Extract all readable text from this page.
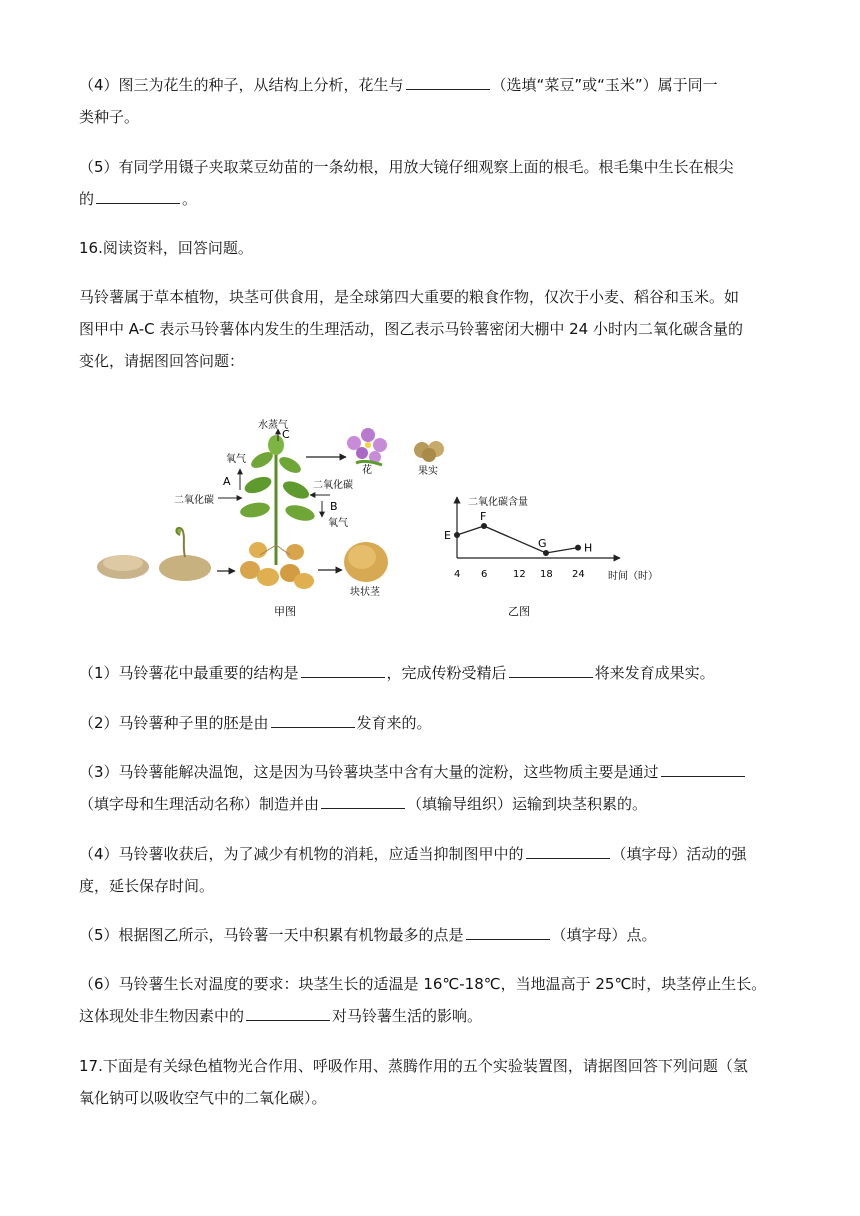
（4）图三为花生的种子，从结构上分析，花生与	（选填“菜豆”或“玉米”）属于同一
类种子。
（5）有同学用镊子夹取菜豆幼苗的一条幼根，用放大镜仔细观察上面的根毛。根毛集中生长在根尖
的	。
16.阅读资料，回答问题。
马铃薯属于草本植物，块茎可供食用，是全球第四大重要的粮食作物，仅次于小麦、稻谷和玉米。如
图甲中 A-C 表示马铃薯体内发生的生理活动，图乙表示马铃薯密闭大棚中 24 小时内二氧化碳含量的
变化，请据图回答问题：
水蒸气
C
氧气
A
二氧化碳
二氧化碳
B
氧气
花	果实
块状茎
甲图
二氧化碳含量
时间（时）
4 6	12 18 24
E
F
G	H
乙图
（1）马铃薯花中最重要的结构是	，完成传粉受精后	将来发育成果实。
（2）马铃薯种子里的胚是由	发育来的。
（3）马铃薯能解决温饱，这是因为马铃薯块茎中含有大量的淀粉，这些物质主要是通过
（填字母和生理活动名称）制造并由	（填输导组织）运输到块茎积累的。
（4）马铃薯收获后，为了减少有机物的消耗，应适当抑制图甲中的	（填字母）活动的强
度，延长保存时间。
（5）根据图乙所示，马铃薯一天中积累有机物最多的点是	（填字母）点。
（6）马铃薯生长对温度的要求：块茎生长的适温是 16℃-18℃，当地温高于 25℃时，块茎停止生长。
这体现处非生物因素中的	对马铃薯生活的影响。
17.下面是有关绿色植物光合作用、呼吸作用、蒸腾作用的五个实验装置图，请据图回答下列问题（氢
氧化钠可以吸收空气中的二氧化碳）。
